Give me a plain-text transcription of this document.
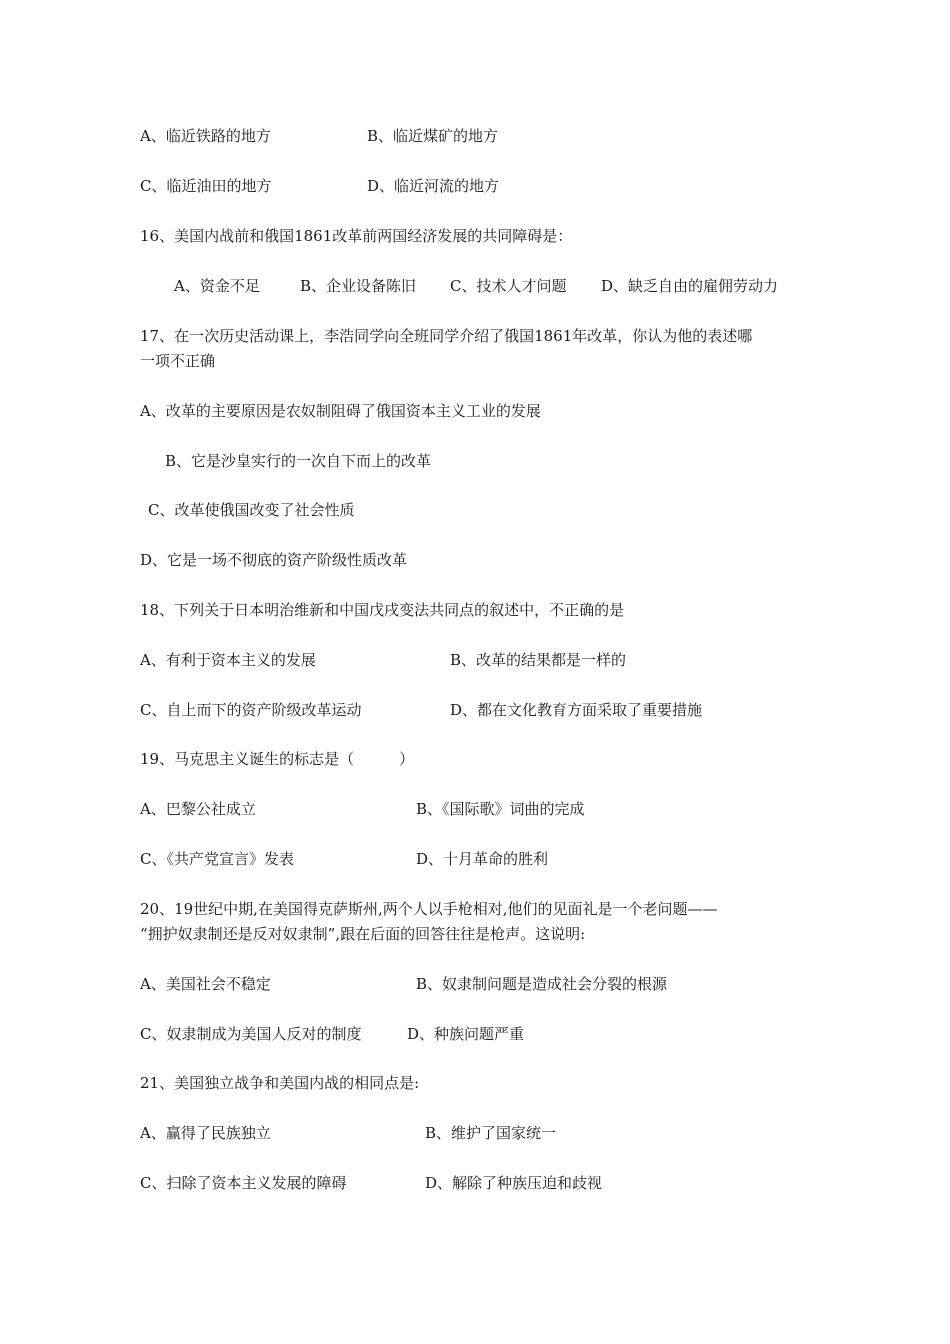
A、临近铁路的地方	B、临近煤矿的地方
C、临近油田的地方	D、临近河流的地方
16、美国内战前和俄国1861改革前两国经济发展的共同障碍是：
A、资金不足	B、企业设备陈旧 C、技术人才问题 D、缺乏自由的雇佣劳动力
17、在一次历史活动课上，李浩同学向全班同学介绍了俄国1861年改革，你认为他的表述哪
一项不正确
A、改革的主要原因是农奴制阻碍了俄国资本主义工业的发展
B、它是沙皇实行的一次自下而上的改革
C、改革使俄国改变了社会性质
D、它是一场不彻底的资产阶级性质改革
18、下列关于日本明治维新和中国戊戌变法共同点的叙述中，不正确的是
A、有利于资本主义的发展	B、改革的结果都是一样的
C、自上而下的资产阶级改革运动	D、都在文化教育方面采取了重要措施
19、马克思主义诞生的标志是（　　　）
A、巴黎公社成立	B、《国际歌》词曲的完成
C、《共产党宣言》发表	D、十月革命的胜利
20、19世纪中期,在美国得克萨斯州,两个人以手枪相对,他们的见面礼是一个老问题——
“拥护奴隶制还是反对奴隶制”,跟在后面的回答往往是枪声。这说明:
A、美国社会不稳定	B、奴隶制问题是造成社会分裂的根源
C、奴隶制成为美国人反对的制度	D、种族问题严重
21、美国独立战争和美国内战的相同点是:
A、赢得了民族独立	B、维护了国家统一
C、扫除了资本主义发展的障碍	D、解除了种族压迫和歧视
